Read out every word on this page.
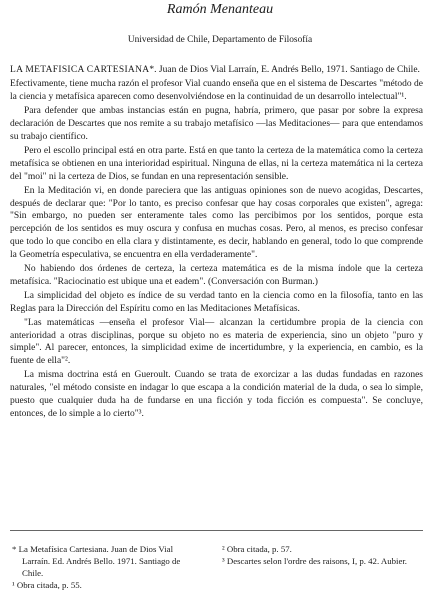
Ramón Menanteau
Universidad de Chile, Departamento de Filosofía

LA METAFISICA CARTESIANA*. Juan de Dios Vial Larraín, E. Andrés Bello, 1971. Santiago de Chile.

Efectivamente, tiene mucha razón el profesor Vial cuando enseña que en el sistema de Descartes "método de la ciencia y metafísica aparecen como desenvolviéndose en la continuidad de un desarrollo intelectual"¹.

Para defender que ambas instancias están en pugna, habría, primero, que pasar por sobre la expresa declaración de Descartes que nos remite a su trabajo metafísico —las Meditaciones— para que entendamos su trabajo científico.

Pero el escollo principal está en otra parte. Está en que tanto la certeza de la matemática como la certeza metafísica se obtienen en una interioridad espiritual. Ninguna de ellas, ni la certeza matemática ni la certeza del "moi" ni la certeza de Dios, se fundan en una representación sensible.

En la Meditación vi, en donde pareciera que las antiguas opiniones son de nuevo acogidas, Descartes, después de declarar que: "Por lo tanto, es preciso confesar que hay cosas corporales que existen", agrega: "Sin embargo, no pueden ser enteramente tales como las percibimos por los sentidos, porque esta percepción de los sentidos es muy oscura y confusa en muchas cosas. Pero, al menos, es preciso confesar que todo lo que concibo en ella clara y distintamente, es decir, hablando en general, todo lo que comprende la Geometría especulativa, se encuentra en ella verdaderamente".

No habiendo dos órdenes de certeza, la certeza matemática es de la misma índole que la certeza metafísica. "Raciocinatio est ubique una et eadem". (Conversación con Burman.)

La simplicidad del objeto es índice de su verdad tanto en la ciencia como en la filosofía, tanto en las Reglas para la Dirección del Espíritu como en las Meditaciones Metafísicas.

"Las matemáticas —enseña el profesor Vial— alcanzan la certidumbre propia de la ciencia con anterioridad a otras disciplinas, porque su objeto no es materia de experiencia, sino un objeto "puro y simple". Al parecer, entonces, la simplicidad exime de incertidumbre, y la experiencia, en cambio, es la fuente de ella"².

La misma doctrina está en Gueroult. Cuando se trata de exorcizar a las dudas fundadas en razones naturales, "el método consiste en indagar lo que escapa a la condición material de la duda, o sea lo simple, puesto que cualquier duda ha de fundarse en una ficción y toda ficción es compuesta". Se concluye, entonces, de lo simple a lo cierto"³.

* La Metafísica Cartesiana. Juan de Dios Vial Larraín. Ed. Andrés Bello. 1971. Santiago de Chile.

¹ Obra citada, p. 55.

² Obra citada, p. 57.

³ Descartes selon l'ordre des raisons, I, p. 42. Aubier.
